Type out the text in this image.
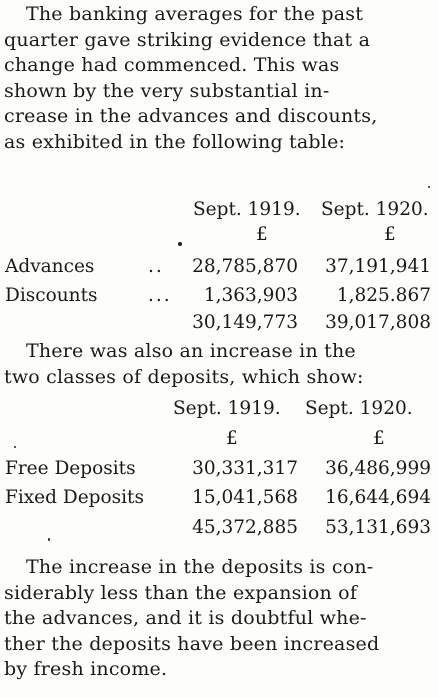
The banking averages for the past
quarter gave striking evidence that a
change had commenced. This was
shown by the very substantial in-
crease in the advances and discounts,
as exhibited in the following table:
Sept. 1919. Sept. 1920.
£	£
Advances	.. 28,785,870 37,191,941
Discounts	... 1,363,903 1,825.867
30,149,773 39,017,808
There was also an increase in the
two classes of deposits, which show:
Sept. 1919. Sept. 1920.
£	£
Free Deposits	30,331,317 36,486,999
Fixed Deposits	15,041,568 16,644,694
45,372,885 53,131,693
The increase in the deposits is con-
siderably less than the expansion of
the advances, and it is doubtful whe-
ther the deposits have been increased
by fresh income.
